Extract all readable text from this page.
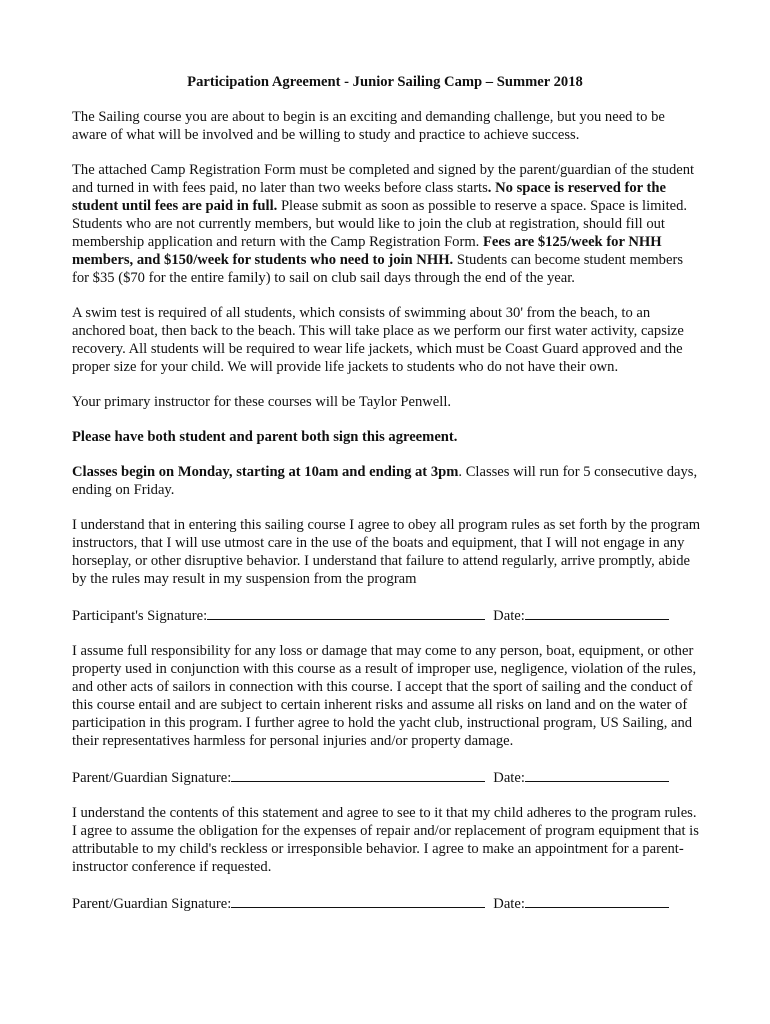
Participation Agreement - Junior Sailing Camp – Summer 2018

The Sailing course you are about to begin is an exciting and demanding challenge, but you need to be aware of what will be involved and be willing to study and practice to achieve success.

The attached Camp Registration Form must be completed and signed by the parent/guardian of the student and turned in with fees paid, no later than two weeks before class starts. No space is reserved for the student until fees are paid in full. Please submit as soon as possible to reserve a space. Space is limited. Students who are not currently members, but would like to join the club at registration, should fill out membership application and return with the Camp Registration Form. Fees are $125/week for NHH members, and $150/week for students who need to join NHH. Students can become student members for $35 ($70 for the entire family) to sail on club sail days through the end of the year.

A swim test is required of all students, which consists of swimming about 30' from the beach, to an anchored boat, then back to the beach. This will take place as we perform our first water activity, capsize recovery. All students will be required to wear life jackets, which must be Coast Guard approved and the proper size for your child. We will provide life jackets to students who do not have their own.

Your primary instructor for these courses will be Taylor Penwell.

Please have both student and parent both sign this agreement.

Classes begin on Monday, starting at 10am and ending at 3pm. Classes will run for 5 consecutive days, ending on Friday.

I understand that in entering this sailing course I agree to obey all program rules as set forth by the program instructors, that I will use utmost care in the use of the boats and equipment, that I will not engage in any horseplay, or other disruptive behavior. I understand that failure to attend regularly, arrive promptly, abide by the rules may result in my suspension from the program

Participant's Signature:	Date:

I assume full responsibility for any loss or damage that may come to any person, boat, equipment, or other property used in conjunction with this course as a result of improper use, negligence, violation of the rules, and other acts of sailors in connection with this course. I accept that the sport of sailing and the conduct of this course entail and are subject to certain inherent risks and assume all risks on land and on the water of participation in this program. I further agree to hold the yacht club, instructional program, US Sailing, and their representatives harmless for personal injuries and/or property damage.

Parent/Guardian Signature:	Date:

I understand the contents of this statement and agree to see to it that my child adheres to the program rules. I agree to assume the obligation for the expenses of repair and/or replacement of program equipment that is attributable to my child's reckless or irresponsible behavior. I agree to make an appointment for a parent-instructor conference if requested.

Parent/Guardian Signature:	Date:
